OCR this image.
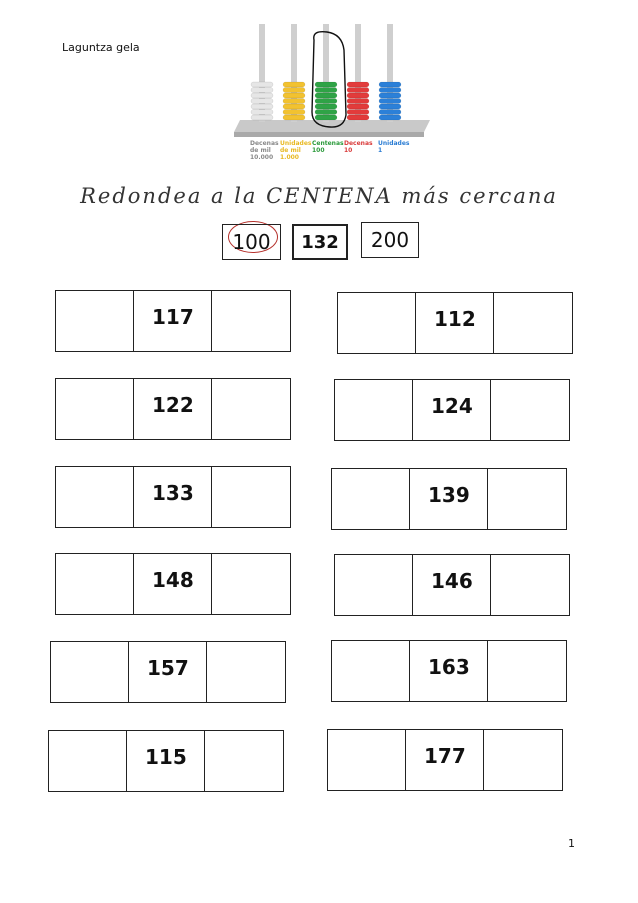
Laguntza gela
Decenas
de mil
10.000
Unidades
de mil
1.000
Centenas
100
Decenas
10
Unidades
1
Redondea a la CENTENA más cercana
100	132	200
117	112
122	124
133	139
148	146
157	163
115	177
1
